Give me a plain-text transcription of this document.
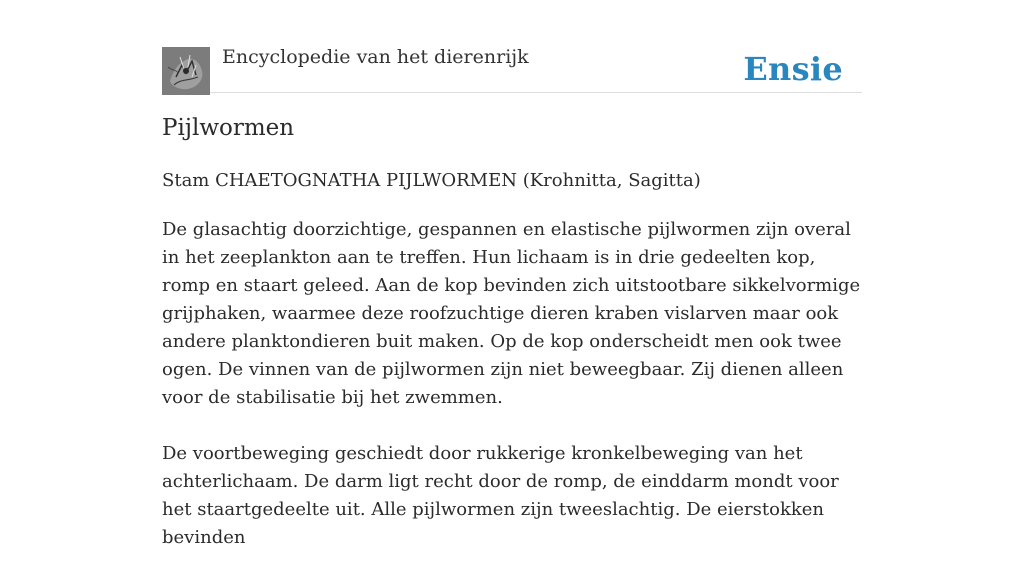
Encyclopedie van het dierenrijk	Ensie
Pijlwormen
Stam CHAETOGNATHA PIJLWORMEN (Krohnitta, Sagitta)

De glasachtig doorzichtige, gespannen en elastische pijlwormen zijn overal in het zeeplankton aan te treffen. Hun lichaam is in drie gedeelten kop, romp en staart geleed. Aan de kop bevinden zich uitstootbare sikkelvormige grijphaken, waarmee deze roofzuchtige dieren kraben vislarven maar ook andere planktondieren buit maken. Op de kop onderscheidt men ook twee ogen. De vinnen van de pijlwormen zijn niet beweegbaar. Zij dienen alleen voor de stabilisatie bij het zwemmen.

De voortbeweging geschiedt door rukkerige kronkelbeweging van het achterlichaam. De darm ligt recht door de romp, de einddarm mondt voor het staartgedeelte uit. Alle pijlwormen zijn tweeslachtig. De eierstokken bevinden
